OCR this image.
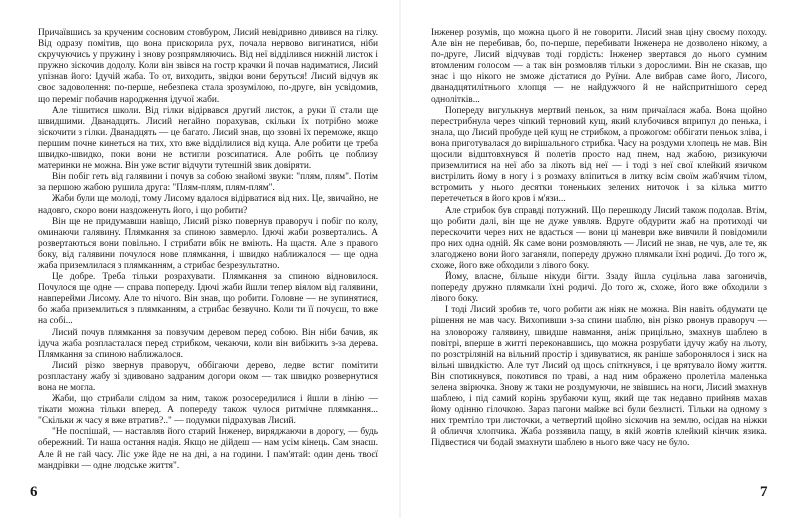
Причаївшись за крученим сосновим стовбуром, Лисий невідривно дивився на гілку. Від одразу помітив, що вона прискорила рух, почала нервово вигинатися, ніби скручуючись у пружину і знову розпрямляючись. Від неї відділився нижній листок і пружно зіскочив додолу. Коли він звівся на гостр крачки й почав надиматися, Лисий упізнав його: Ідучій жаба. То от, виходить, звідки вони беруться! Лисий відчув як своє задоволення: по-перше, небезпека стала зрозумілою, по-друге, він усвідомив, що переміг побачив народження ідучої жаби.

Але тішитися школи. Від гілки відірвався другий листок, а руки її стали ще швидшими. Дванадцять. Лисий негайно порахував, скільки їх потрібно може зіскочити з гілки. Дванадцять — це багато. Лисий знав, що ззовні їх переможе, якщо першим почне кинеться на тих, хто вже відділилися від куща. Але робити це треба швидко-швидко, поки вони не встигли розсипатися. Але робіть це поблизу материнки не можна. Він уже встиг відчути тутешній звик довіряти.

Він побіг геть від галявини і почув за собою знайомі звуки: "плям, плям". Потім за першою жабою рушила друга: "Плям-плям, плям-плям".

Жаби були ще молоді, тому Лисому вдалося відірватися від них. Це, звичайно, не надовго, скоро вони наздоженуть його, і що робити?

Він ще не придумавши навіщо, Лисий різко повернув праворуч і побіг по колу, оминаючи галявину. Плямкання за спиною завмерло. Ідючі жаби розвертались. А розвертаються вони повільно. І стрибати вбік не вміють. На щастя. Але з правого боку, від галявини почулося нове плямкання, і швидко наближалося — ще одна жаба приземлилася з плямканням, а стрибає безрезультатно.

Це добре. Треба тільки розрахувати. Плямкання за спиною відновилося. Почулося ще одне — справа попереду. Ідючі жаби йшли тепер віялом від галявини, навперейми Лисому. Але то нічого. Він знав, що робити. Головне — не зупинятися, бо жаба приземлиться з плямканням, а стрибає безвучно. Коли ти її почуєш, то вже на собі...

Лисий почув плямкання за повзучим деревом перед собою. Він ніби бачив, як ідуча жаба розпласталася перед стрибком, чекаючи, коли він вибіжить з-за дерева. Плямкання за спиною наближалося.

Лисий різко звернув праворуч, оббігаючи дерево, ледве встиг помітити розпластану жабу зі здивовано задраним догори оком — так швидко розвернутися вона не могла.

Жаби, що стрибали слідом за ним, також розосередилися і йшли в лінію — тікати можна тільки вперед. А попереду також чулося ритмічне плямкання... "Скільки ж часу я вже втратив?.." — подумки підрахував Лисий.

"Не поспішай, — наставляв його старий Інженер, виряджаючи в дорогу, — будь обережний. Ти наша остання надія. Якщо не дійдеш — нам усім кінець. Сам знаєш. Але й не гай часу. Ліс уже йде не на дні, а на години. І пам'ятай: один день твоєї мандрівки — одне людське життя".

Інженер розумів, що можна цього й не говорити. Лисий знав ціну своєму походу. Але він не перебивав, бо, по-перше, перебивати Інженера не дозволено нікому, а по-друге, Лисий відчував тоді гордість: Інженер звертався до нього сумним втомленим голосом — а так він розмовляв тільки з дорослими. Він не сказав, що знає і що нікого не зможе дістатися до Руїни. Але вибрав саме його, Лисого, дванадцятилітнього хлопця — не найдужчого й не найспритнішого серед однолітків...

Попереду вигулькнув мертвий пеньок, за ним причаїлася жаба. Вона щойно перестрибнула через чіпкий терновий кущ, який клубочився вприпул до пенька, і знала, що Лисий пробуде цей кущ не стрибком, а прожогом: оббігати пеньок зліва, і вона приготувалася до вирішального стрибка. Часу на роздуми хлопець не мав. Він щосили відштовхнувся й полетів просто над пнем, над жабою, ризикуючи приземлитися на неї або за лікоть від неї — і тоді з неї свої клейкий язичком вистрілить йому в ногу і з розмаху вліпиться в литку всім своїм жаб'ячим тілом, встромить у нього десятки тоненьких зелених ниточок і за кілька митто перетечеться в його кров і м'язи...

Але стрибок був справді потужний. Що перешкоду Лисий також подолав. Втім, що робити далі, він ще не дуже уявляв. Вдруге обдурити жаб на протиході чи перескочити через них не вдасться — вони ці маневри вже вивчили й повідомили про них одна одній. Як саме вони розмовляють — Лисий не знав, не чув, але те, як злагоджено вони його заганяли, попереду дружно плямкали їхні родичі. До того ж, схоже, його вже обходили з лівого боку.

Йому, власне, більше нікуди бігти. Ззаду йшла суцільна лава загоничів, попереду дружно плямкали їхні родичі. До того ж, схоже, його вже обходили з лівого боку.

І тоді Лисий зробив те, чого робити аж ніяк не можна. Він навіть обдумати це рішення не мав часу. Вихопивши з-за спини шаблю, він різко рвонув праворуч — на зловорожу галявину, швидше навмання, аніж прицільно, змахнув шаблею в повітрі, вперше в житті переконавшись, що можна розрубати ідучу жабу на льоту, по розстріляній на вільний простір і здивуватися, як раніше заборонялося і зиск на вільні швидкістю. Але тут Лисий од щось спіткнувся, і це врятувало йому життя. Він спотикнувся, покотився по траві, а над ним ображено пролетіла маленька зелена звірючка. Знову ж таки не роздумуючи, не звівшись на ноги, Лисий змахнув шаблею, і під самий корінь зрубаючи кущ, який ще так недавно прийняв махав йому одінню гілочкою. Зараз пагони майже всі були безлисті. Тільки на одному з них тремтіло три листочки, а четвертий щойно зіскочив на землю, осідав на ніжки й обличчя хлопчика. Жаба роззявила пащу, в якій жовтів клейкий кінчик язика. Підвестися чи бодай змахнути шаблею в нього вже часу не було.

6	7
